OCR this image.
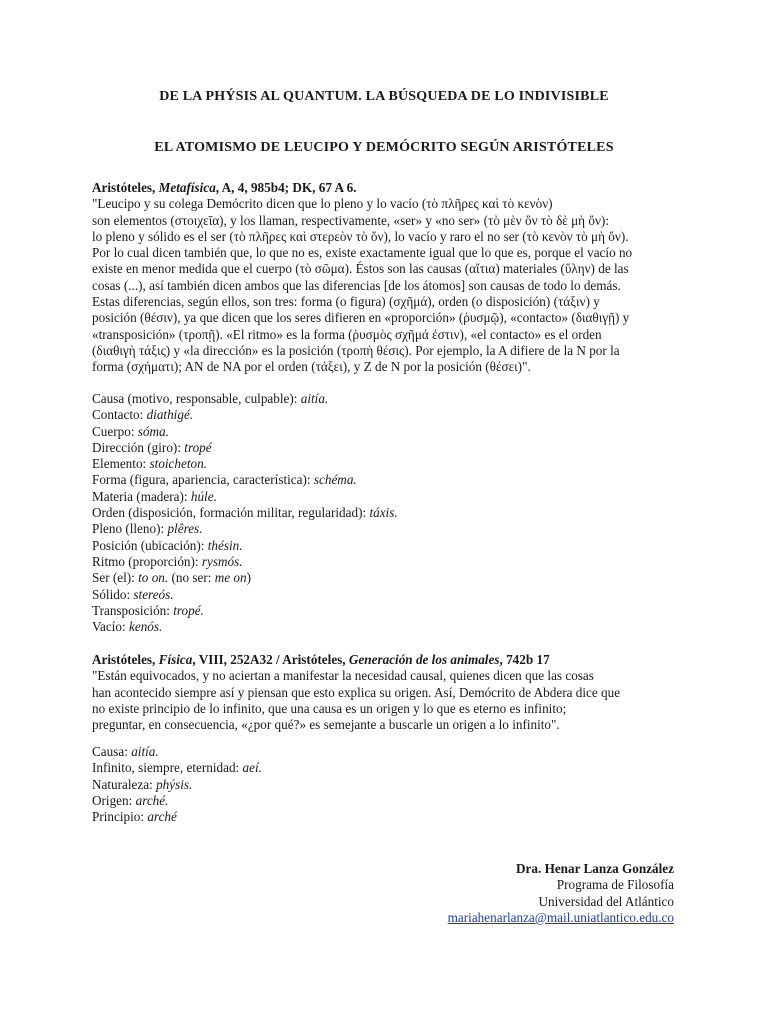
DE LA PHÝSIS AL QUANTUM. LA BÚSQUEDA DE LO INDIVISIBLE
EL ATOMISMO DE LEUCIPO Y DEMÓCRITO SEGÚN ARISTÓTELES
Aristóteles, Metafísica, A, 4, 985b4; DK, 67 A 6.
"Leucipo y su colega Demócrito dicen que lo pleno y lo vacío (τὸ πλῆρες καὶ τὸ κενὸν)
son elementos (στοιχεῖα), y los llaman, respectivamente, «ser» y «no ser» (τὸ μὲν ὂν τὸ δὲ μὴ ὄν):
lo pleno y sólido es el ser (τὸ πλῆρες καὶ στερεὸν τὸ ὄν), lo vacío y raro el no ser (τὸ κενὸν τὸ μὴ ὄν).
Por lo cual dicen también que, lo que no es, existe exactamente igual que lo que es, porque el vacío no
existe en menor medida que el cuerpo (τὸ σῶμα). Éstos son las causas (αἴτια) materiales (ὕλην) de las
cosas (...), así también dicen ambos que las diferencias [de los átomos] son causas de todo lo demás.
Estas diferencias, según ellos, son tres: forma (o figura) (σχῆμά), orden (o disposición) (τάξιν) y
posición (θέσιν), ya que dicen que los seres difieren en «proporción» (ῥυσμῷ), «contacto» (διαθιγῇ) y
«transposición» (τροπῇ). «El ritmo» es la forma (ῥυσμὸς σχῆμά ἐστιν), «el contacto» es el orden
(διαθιγὴ τάξις) y «la dirección» es la posición (τροπὴ θέσις). Por ejemplo, la A difiere de la N por la
forma (σχήματι); AN de NA por el orden (τάξει), y Z de N por la posición (θέσει)".
Causa (motivo, responsable, culpable): aitía.
Contacto: diathigé.
Cuerpo: sóma.
Dirección (giro): tropé
Elemento: stoicheton.
Forma (figura, apariencia, característica): schéma.
Materia (madera): húle.
Orden (disposición, formación militar, regularidad): táxis.
Pleno (lleno): plêres.
Posición (ubicación): thésin.
Ritmo (proporción): rysmós.
Ser (el): to on. (no ser: me on)
Sólido: stereós.
Transposición: tropé.
Vacío: kenós.
Aristóteles, Física, VIII, 252A32 / Aristóteles, Generación de los animales, 742b 17
"Están equivocados, y no aciertan a manifestar la necesidad causal, quienes dicen que las cosas
han acontecido siempre así y piensan que esto explica su origen. Así, Demócrito de Abdera dice que
no existe principio de lo infinito, que una causa es un origen y lo que es eterno es infinito;
preguntar, en consecuencia, «¿por qué?» es semejante a buscarle un origen a lo infinito".
Causa: aitía.
Infinito, siempre, eternidad: aeí.
Naturaleza: phýsis.
Origen: arché.
Principio: arché
Dra. Henar Lanza González
Programa de Filosofía
Universidad del Atlántico
mariahenarlanza@mail.uniatlantico.edu.co
